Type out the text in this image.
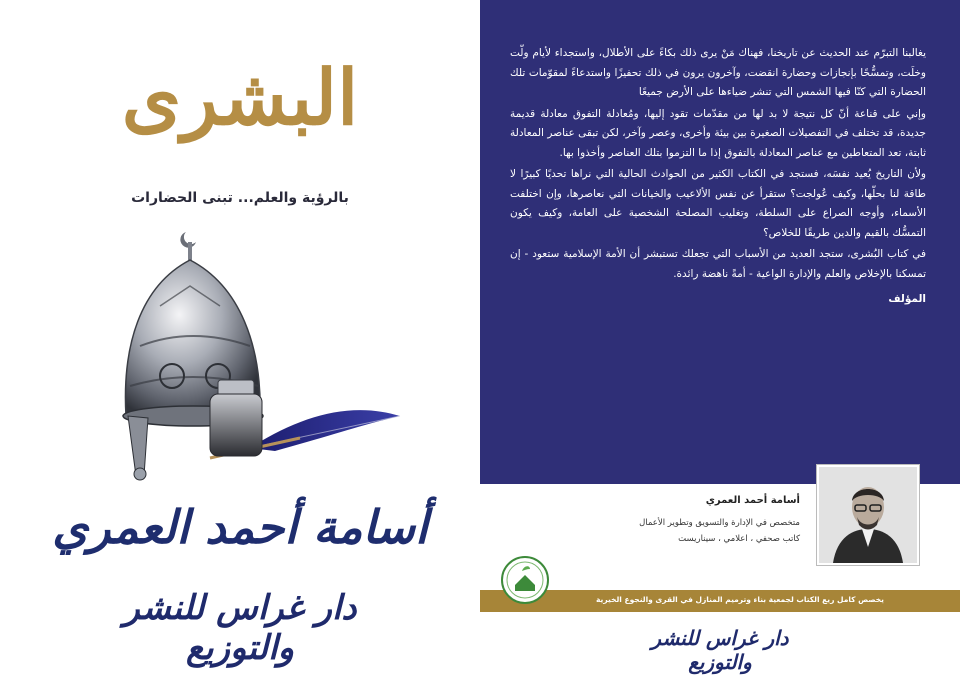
البشرى
بالرؤية والعلم... تبنى الحضارات
أسامة أحمد العمري
دار غراس للنشر والتوزيع

يغالبنا التبرّم عند الحديث عن تاريخنا، فهناك مَنْ يرى ذلك بكاءً على الأطلال، واستجداء لأيام ولّت وخلَت، وتمسُّحًا بإنجازات وحضارة انقضت، وآخرون يرون في ذلك تحفيزًا واستدعاءً لمقوّمات تلك الحضارة التي كنّا فيها الشمس التي تنشر ضياءها على الأرض جميعًا

وإني على قناعة أنّ كل نتيجة لا بد لها من مقدّمات تقود إليها، ومُعادلة التفوق معادلة قديمة جديدة، قد تختلف في التفصيلات الصغيرة بين بيئة وأخرى، وعصر وآخر، لكن تبقى عناصر المعادلة ثابتة، تعد المتعاطين مع عناصر المعادلة بالتفوق إذا ما التزموا بتلك العناصر وأخذوا بها.

ولأن التاريخ يُعيد نفسَه، فستجد في الكتاب الكثير من الحوادث الحالية التي نراها تحديًا كبيرًا لا طاقة لنا بحلّها، وكيف عُولجت؟ ستقرأ عن نفس الألاعيب والخيانات التي نعاصرها، وإن اختلفت الأسماء، وأوجه الصراع على السلطة، وتغليب المصلحة الشخصية على العامة، وكيف يكون التمسُّك بالقيم والدين طريقًا للخلاص؟

في كتاب البُشرى، ستجد العديد من الأسباب التي تجعلك تستبشر أن الأمة الإسلامية ستعود - إن تمسكنا بالإخلاص والعلم والإدارة الواعية - أمةً ناهضة رائدة.

المؤلف

أسامة أحمد العمري
متخصص في الإدارة والتسويق وتطوير الأعمال
كاتب صحفي ، اعلامي ، سيناريست
يخصص كامل ريع الكتاب لجمعية بناء وترميم المنازل في القرى والنجوع الخيرية
دار غراس للنشر والتوزيع
